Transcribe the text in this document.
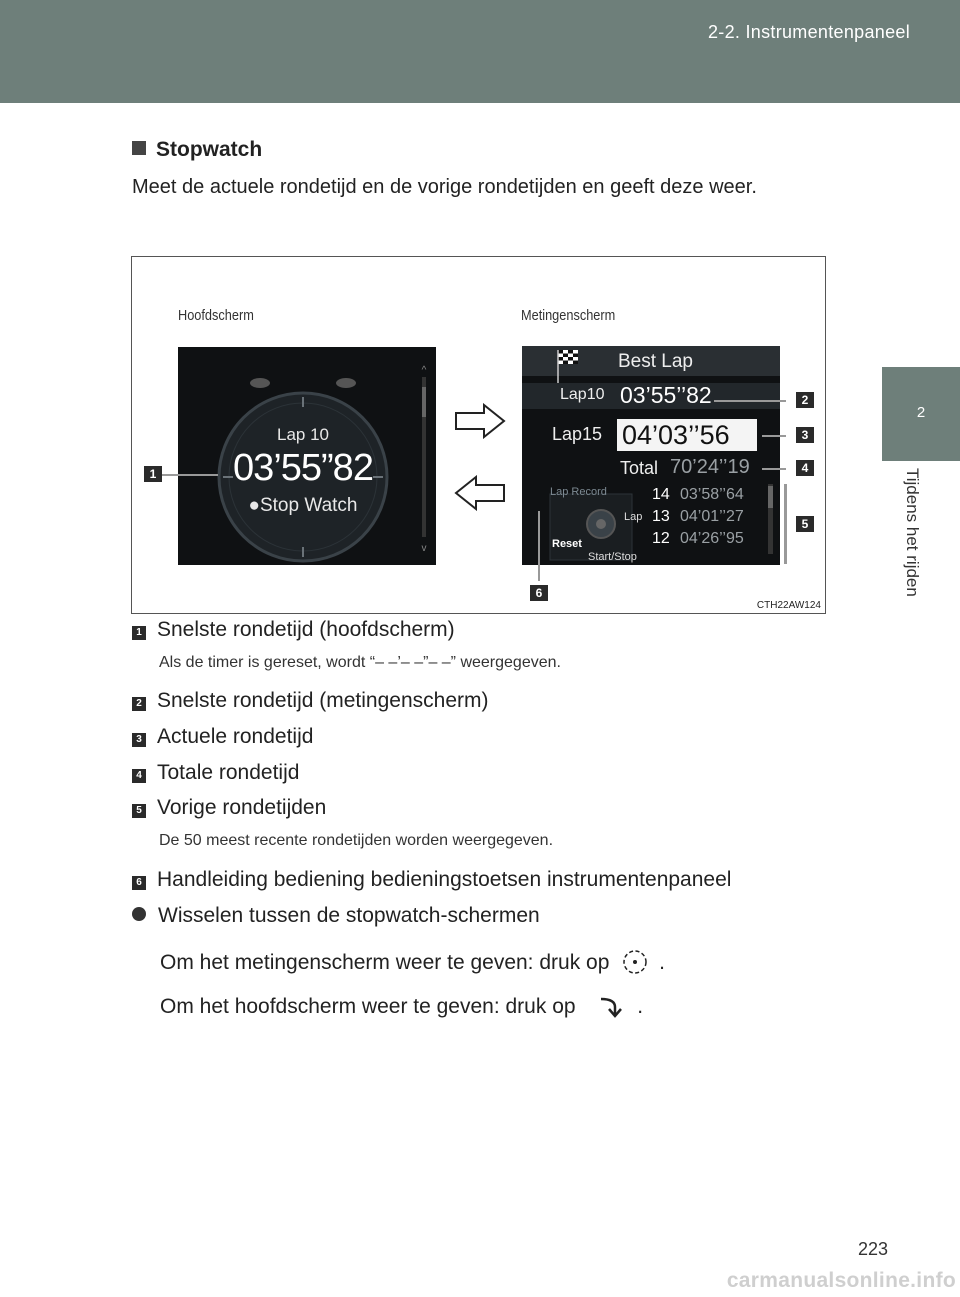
2-2. Instrumentenpaneel
2
Tijdens het rijden
Stopwatch
Meet de actuele rondetijd en de vorige rondetijden en geeft deze weer.
Hoofdscherm	Metingenscherm
^
v
Lap 10
03’55”82
●Stop Watch
Best Lap
Lap10 03’55’’82
Lap15 04’03’’56
Total 70’24’’19
Lap Record
Lap
Reset
Start/Stop
14 03’58’’64
13 04’01’’27
12 04’26’’95
1
2
3
4
5
6
CTH22AW124
1 Snelste rondetijd (hoofdscherm)
Als de timer is gereset, wordt “– –’– –”– –” weergegeven.
2 Snelste rondetijd (metingenscherm)
3 Actuele rondetijd
4 Totale rondetijd
5 Vorige rondetijden
De 50 meest recente rondetijden worden weergegeven.
6 Handleiding bediening bedieningstoetsen instrumentenpaneel
Wisselen tussen de stopwatch-schermen
Om het metingenscherm weer te geven: druk op .
Om het hoofdscherm weer te geven: druk op	.
223
carmanualsonline.info
